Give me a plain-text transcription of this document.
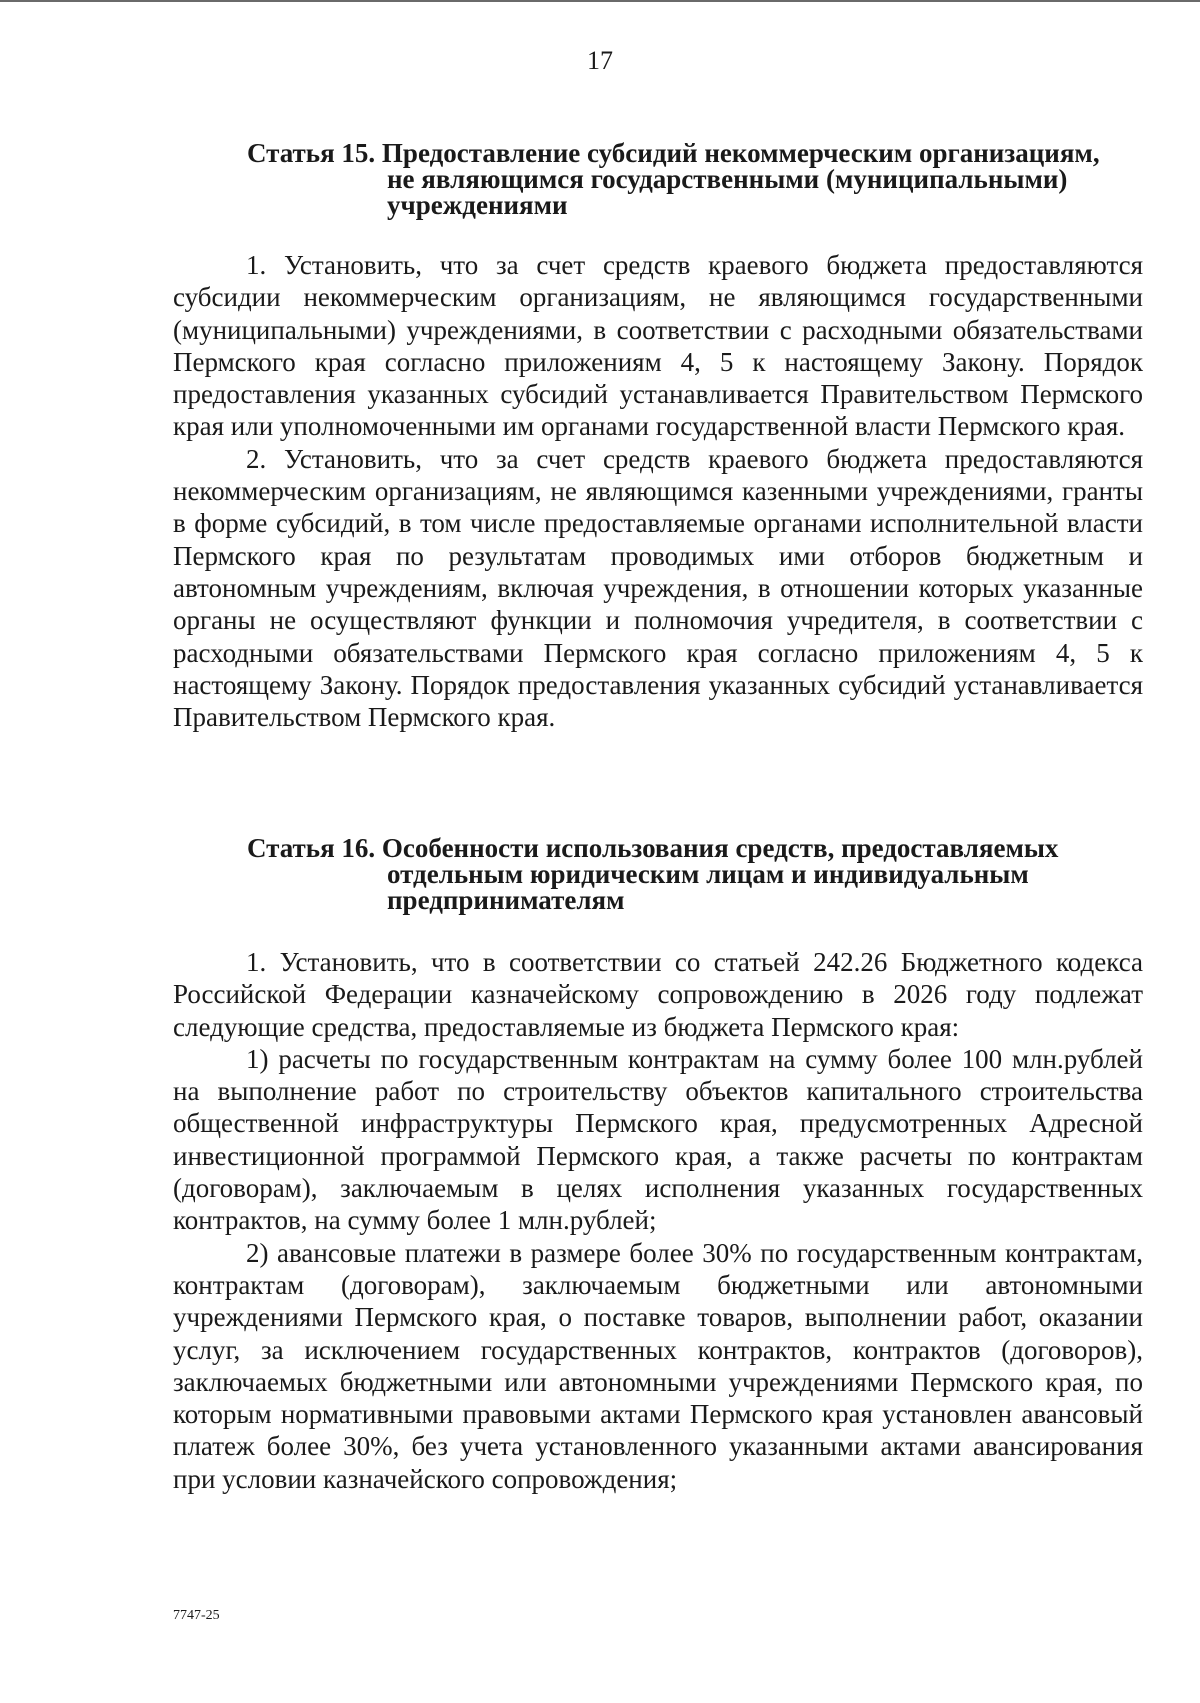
17
Статья 15. Предоставление субсидий некоммерческим организациям,
не являющимся государственными (муниципальными)
учреждениями

1. Установить, что за счет средств краевого бюджета предоставляются субсидии некоммерческим организациям, не являющимся государственными (муниципальными) учреждениями, в соответствии с расходными обязательствами Пермского края согласно приложениям 4, 5 к настоящему Закону. Порядок предоставления указанных субсидий устанавливается Правительством Пермского края или уполномоченными им органами государственной власти Пермского края.

2. Установить, что за счет средств краевого бюджета предоставляются некоммерческим организациям, не являющимся казенными учреждениями, гранты в форме субсидий, в том числе предоставляемые органами исполнительной власти Пермского края по результатам проводимых ими отборов бюджетным и автономным учреждениям, включая учреждения, в отношении которых указанные органы не осуществляют функции и полномочия учредителя, в соответствии с расходными обязательствами Пермского края согласно приложениям 4, 5 к настоящему Закону. Порядок предоставления указанных субсидий устанавливается Правительством Пермского края.

Статья 16. Особенности использования средств, предоставляемых
отдельным юридическим лицам и индивидуальным
предпринимателям

1. Установить, что в соответствии со статьей 242.26 Бюджетного кодекса Российской Федерации казначейскому сопровождению в 2026 году подлежат следующие средства, предоставляемые из бюджета Пермского края:

1) расчеты по государственным контрактам на сумму более 100 млн.рублей на выполнение работ по строительству объектов капитального строительства общественной инфраструктуры Пермского края, предусмотренных Адресной инвестиционной программой Пермского края, а также расчеты по контрактам (договорам), заключаемым в целях исполнения указанных государственных контрактов, на сумму более 1 млн.рублей;

2) авансовые платежи в размере более 30% по государственным контрактам, контрактам (договорам), заключаемым бюджетными или автономными учреждениями Пермского края, о поставке товаров, выполнении работ, оказании услуг, за исключением государственных контрактов, контрактов (договоров), заключаемых бюджетными или автономными учреждениями Пермского края, по которым нормативными правовыми актами Пермского края установлен авансовый платеж более 30%, без учета установленного указанными актами авансирования при условии казначейского сопровождения;

7747-25
